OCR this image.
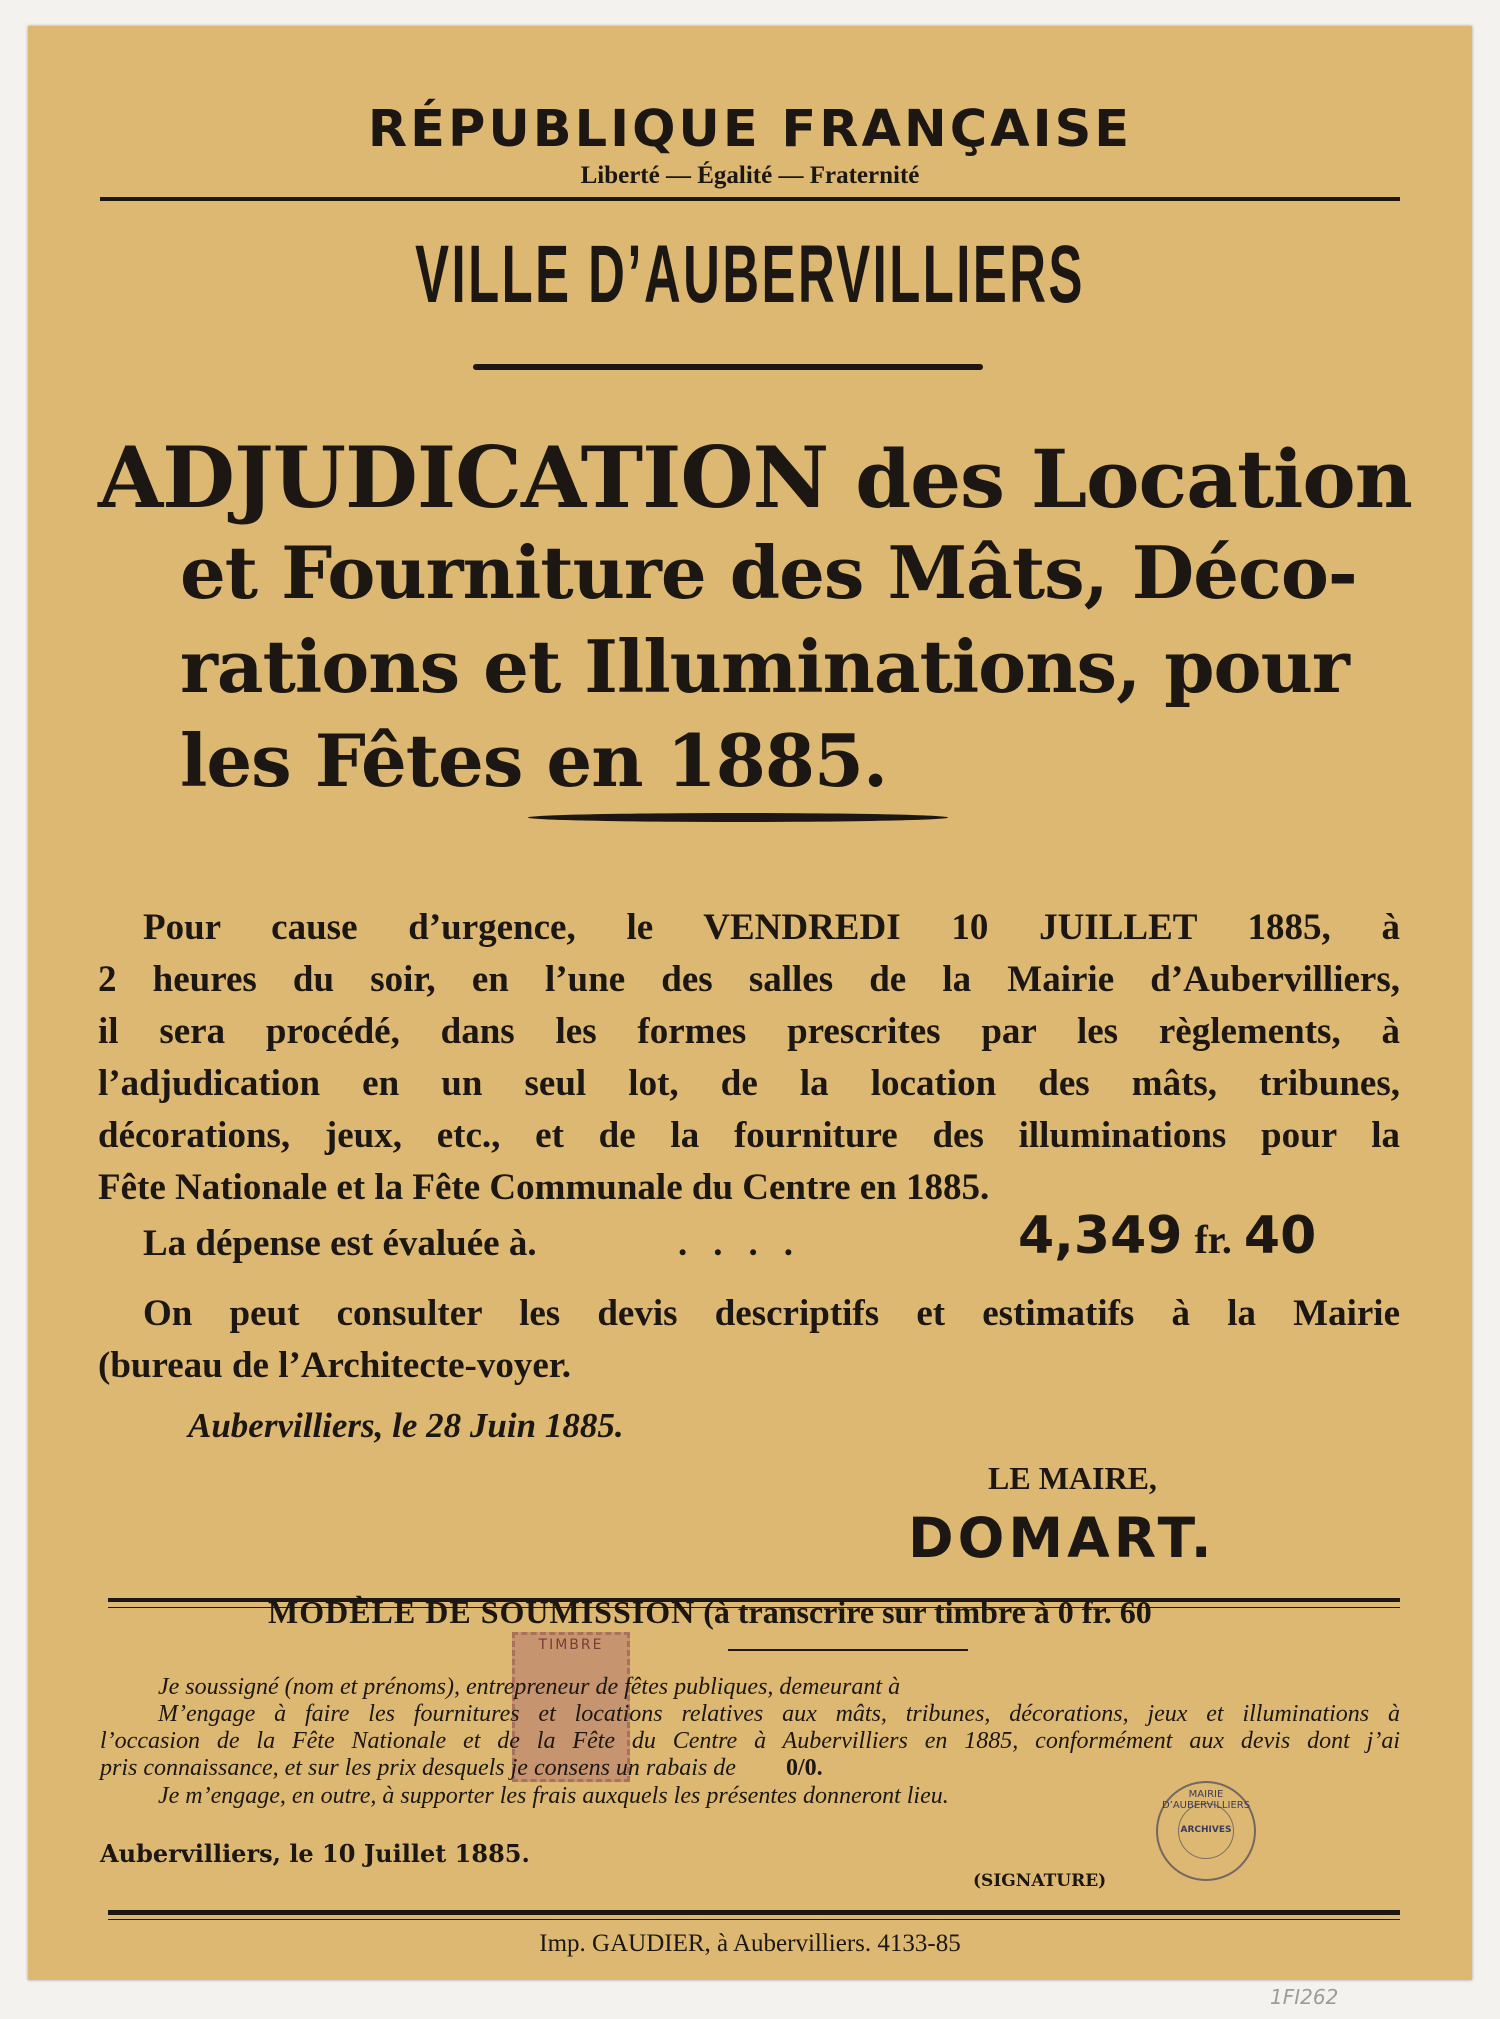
RÉPUBLIQUE FRANÇAISE
Liberté — Égalité — Fraternité
VILLE D’AUBERVILLIERS
ADJUDICATION des Location
et Fourniture des Mâts, Déco-
rations et Illuminations, pour
les Fêtes en 1885.
Pour cause d’urgence, le VENDREDI 10 JUILLET 1885, à
2 heures du soir, en l’une des salles de la Mairie d’Aubervilliers,
il sera procédé, dans les formes prescrites par les règlements, à
l’adjudication en un seul lot, de la location des mâts, tribunes,
décorations, jeux, etc., et de la fourniture des illuminations pour la
Fête Nationale et la Fête Communale du Centre en 1885.
La dépense est évaluée à.	....	4,349 fr. 40
On peut consulter les devis descriptifs et estimatifs à la Mairie
(bureau de l’Architecte-voyer.
Aubervilliers, le 28 Juin 1885.
LE MAIRE,
DOMART.
MODÈLE DE SOUMISSION (à transcrire sur timbre à 0 fr. 60
TIMBRE
Je soussigné (nom et prénoms), entrepreneur de fêtes publiques, demeurant à
M’engage à faire les fournitures et locations relatives aux mâts, tribunes, décorations, jeux et illuminations à
l’occasion de la Fête Nationale et de la Fête du Centre à Aubervilliers en 1885, conformément aux devis dont j’ai
pris connaissance, et sur les prix desquels je consens un rabais de 0/0.
Je m’engage, en outre, à supporter les frais auxquels les présentes donneront lieu.
Aubervilliers, le 10 Juillet 1885.
(SIGNATURE)
MAIRIE D’AUBERVILLIERS
ARCHIVES
Imp. GAUDIER, à Aubervilliers. 4133-85
1FI262
